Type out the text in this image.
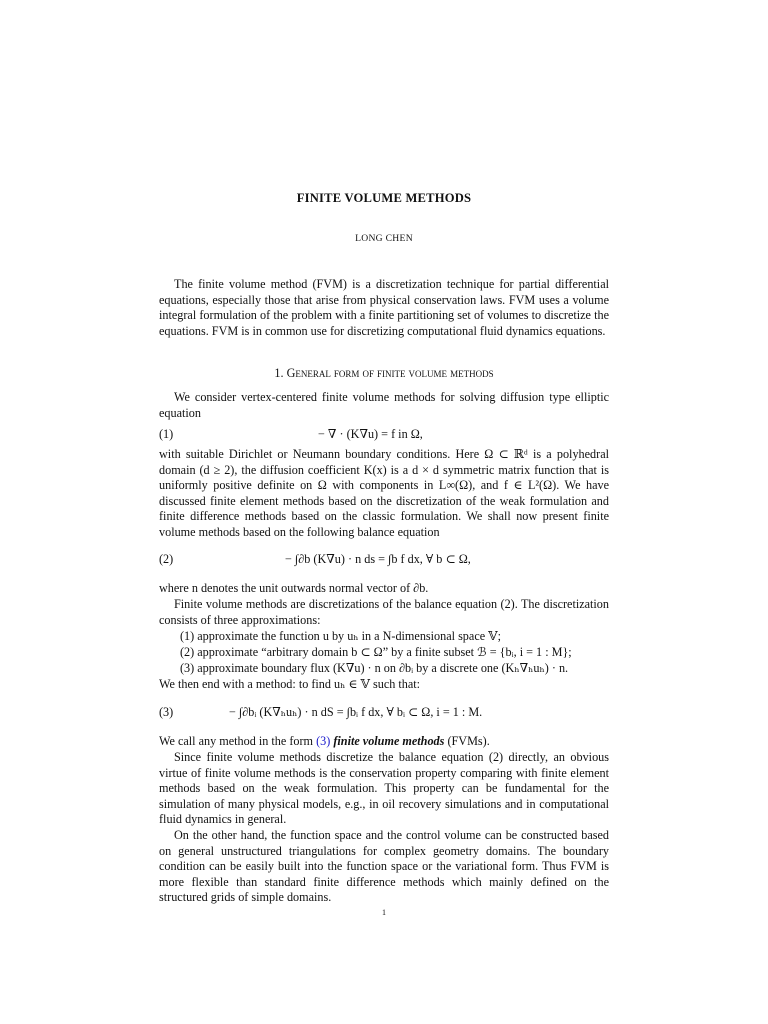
FINITE VOLUME METHODS
LONG CHEN
The finite volume method (FVM) is a discretization technique for partial differential equations, especially those that arise from physical conservation laws. FVM uses a volume integral formulation of the problem with a finite partitioning set of volumes to discretize the equations. FVM is in common use for discretizing computational fluid dynamics equations.
1. General form of finite volume methods
We consider vertex-centered finite volume methods for solving diffusion type elliptic equation
(1)	− ∇ · (K∇u) = f in Ω,
with suitable Dirichlet or Neumann boundary conditions. Here Ω ⊂ ℝᵈ is a polyhedral domain (d ≥ 2), the diffusion coefficient K(x) is a d × d symmetric matrix function that is uniformly positive definite on Ω with components in L∞(Ω), and f ∈ L²(Ω). We have discussed finite element methods based on the discretization of the weak formulation and finite difference methods based on the classic formulation. We shall now present finite volume methods based on the following balance equation
(2)	− ∫∂b (K∇u) · n ds = ∫b f dx, ∀ b ⊂ Ω,
where n denotes the unit outwards normal vector of ∂b.
Finite volume methods are discretizations of the balance equation (2). The discretization consists of three approximations:
(1) approximate the function u by uₕ in a N-dimensional space 𝕍;
(2) approximate “arbitrary domain b ⊂ Ω” by a finite subset ℬ = {bᵢ, i = 1 : M};
(3) approximate boundary flux (K∇u) · n on ∂bᵢ by a discrete one (Kₕ∇ₕuₕ) · n.
We then end with a method: to find uₕ ∈ 𝕍 such that:
(3)	− ∫∂bᵢ (K∇ₕuₕ) · n dS = ∫bᵢ f dx, ∀ bᵢ ⊂ Ω, i = 1 : M.
We call any method in the form (3) finite volume methods (FVMs).
Since finite volume methods discretize the balance equation (2) directly, an obvious virtue of finite volume methods is the conservation property comparing with finite element methods based on the weak formulation. This property can be fundamental for the simulation of many physical models, e.g., in oil recovery simulations and in computational fluid dynamics in general.
On the other hand, the function space and the control volume can be constructed based on general unstructured triangulations for complex geometry domains. The boundary condition can be easily built into the function space or the variational form. Thus FVM is more flexible than standard finite difference methods which mainly defined on the structured grids of simple domains.
1
